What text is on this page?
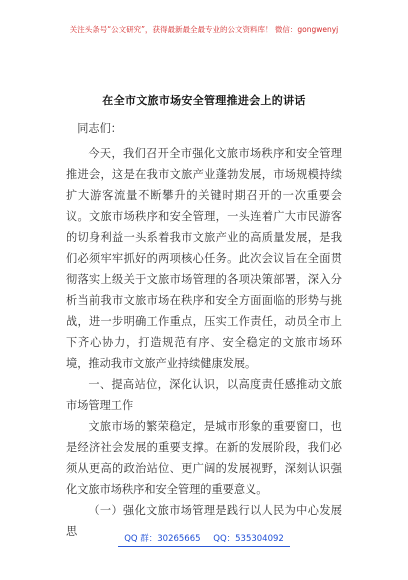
关注头条号“公文研究”，获得最新最全最专业的公文资料库！ 微信：gongwenyj
在全市文旅市场安全管理推进会上的讲话

同志们：

今天，我们召开全市强化文旅市场秩序和安全管理推进会，这是在我市文旅产业蓬勃发展，市场规模持续扩大游客流量不断攀升的关键时期召开的一次重要会议。文旅市场秩序和安全管理，一头连着广大市民游客的切身利益一头系着我市文旅产业的高质量发展，是我们必须牢牢抓好的两项核心任务。此次会议旨在全面贯彻落实上级关于文旅市场管理的各项决策部署，深入分析当前我市文旅市场在秩序和安全方面面临的形势与挑战，进一步明确工作重点，压实工作责任，动员全市上下齐心协力，打造规范有序、安全稳定的文旅市场环境，推动我市文旅产业持续健康发展。

一、提高站位，深化认识，以高度责任感推动文旅市场管理工作

文旅市场的繁荣稳定，是城市形象的重要窗口，也是经济社会发展的重要支撑。在新的发展阶段，我们必须从更高的政治站位、更广阔的发展视野，深刻认识强化文旅市场秩序和安全管理的重要意义。

（一）强化文旅市场管理是践行以人民为中心发展思

QQ 群：30265665 QQ：535304092
